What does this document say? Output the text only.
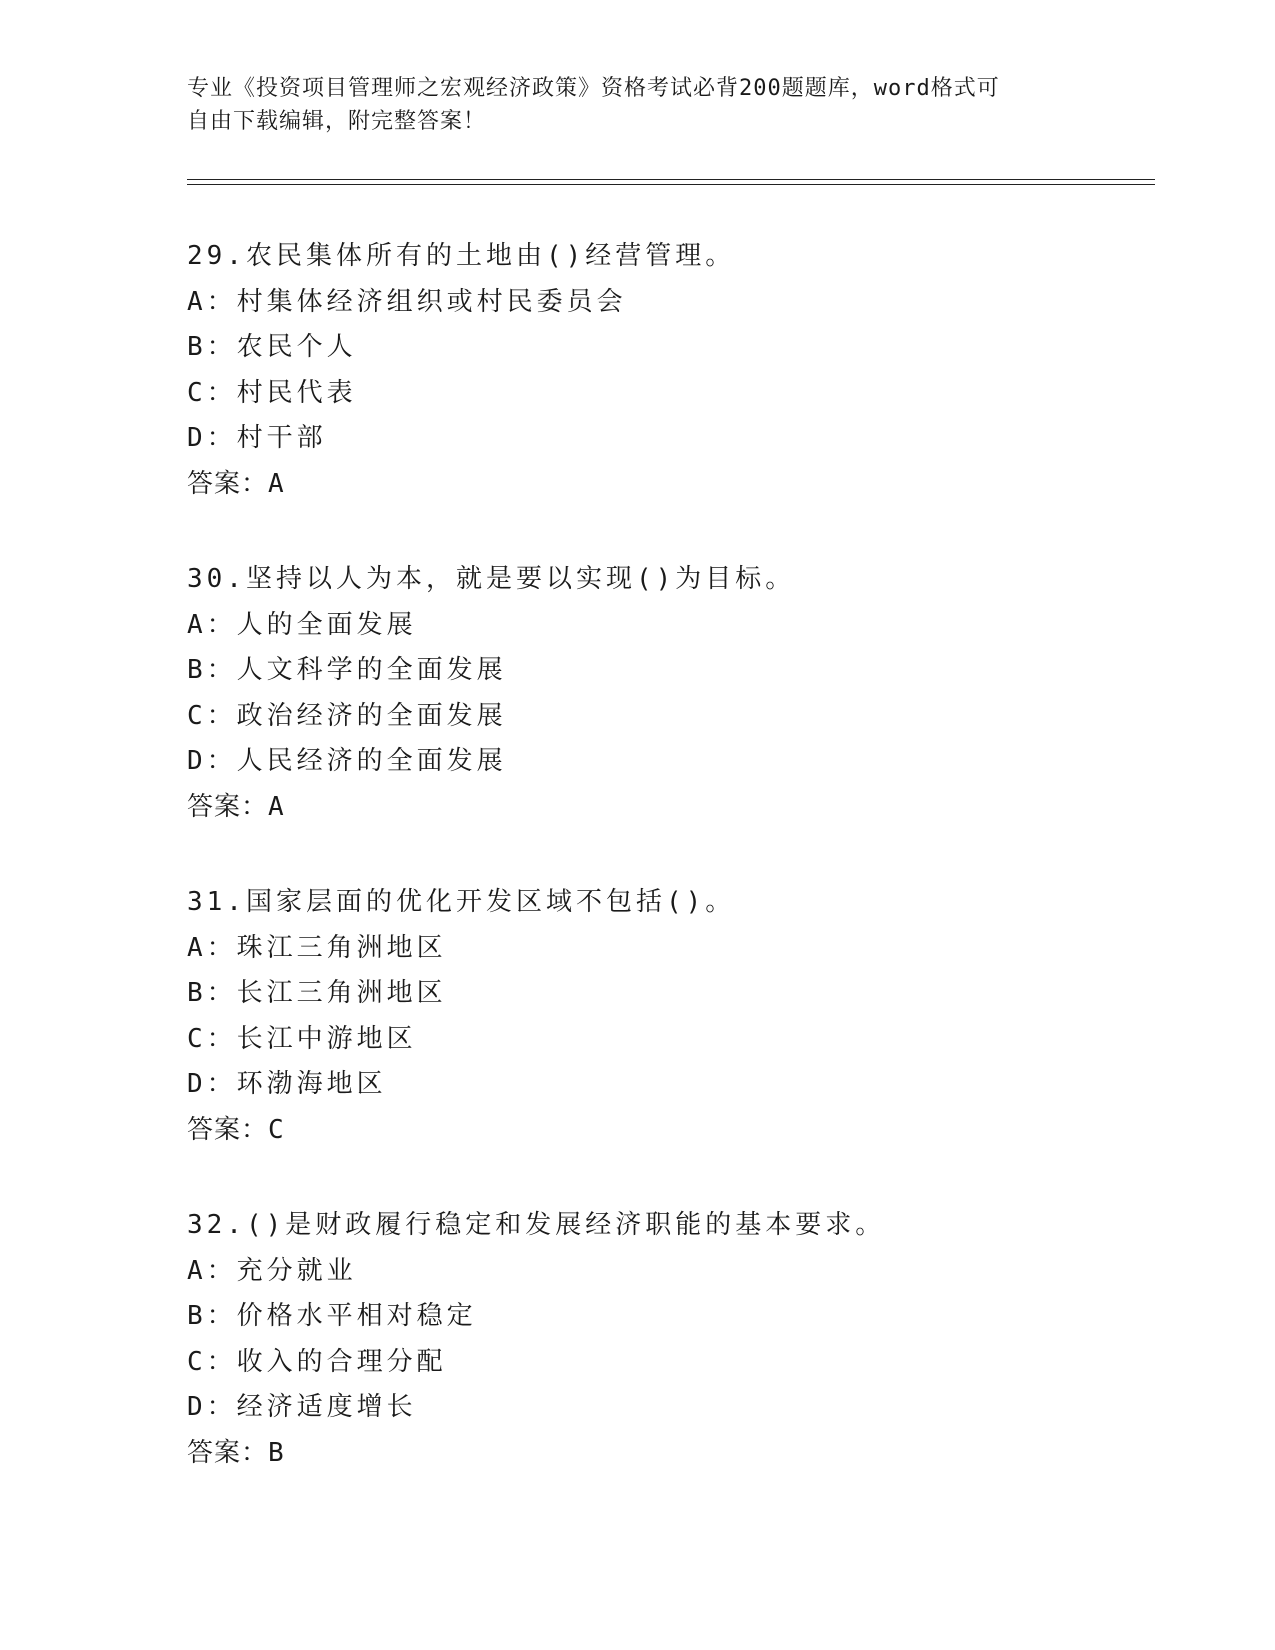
专业《投资项目管理师之宏观经济政策》资格考试必背200题题库，word格式可
自由下载编辑，附完整答案！
29.农民集体所有的土地由()经营管理。
A：村集体经济组织或村民委员会
B：农民个人
C：村民代表
D：村干部
答案：A
30.坚持以人为本，就是要以实现()为目标。
A：人的全面发展
B：人文科学的全面发展
C：政治经济的全面发展
D：人民经济的全面发展
答案：A
31.国家层面的优化开发区域不包括()。
A：珠江三角洲地区
B：长江三角洲地区
C：长江中游地区
D：环渤海地区
答案：C
32.()是财政履行稳定和发展经济职能的基本要求。
A：充分就业
B：价格水平相对稳定
C：收入的合理分配
D：经济适度增长
答案：B
